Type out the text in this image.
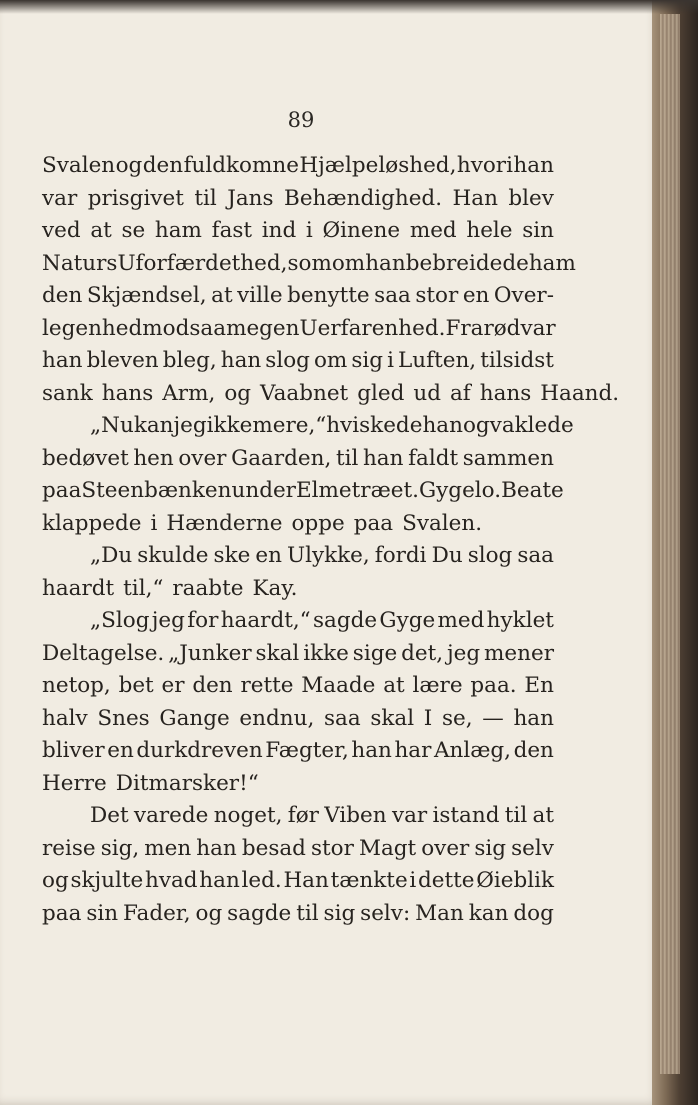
89
Svalen og den fuldkomne Hjælpeløshed, hvori han
var prisgivet til Jans Behændighed. Han blev
ved at se ham fast ind i Øinene med hele sin
Naturs Uforfærdethed, som om han bebreidede ham
den Skjændsel, at ville benytte saa stor en Over-
legenhed mod saa megen Uerfarenhed. Fra rød var
han bleven bleg, han slog om sig i Luften, tilsidst
sank hans Arm, og Vaabnet gled ud af hans Haand.
„Nu kan jeg ikke mere,“ hviskede han og vaklede
bedøvet hen over Gaarden, til han faldt sammen
paa Steenbænken under Elmetræet. Gyge lo. Beate
klappede i Hænderne oppe paa Svalen.
„Du skulde ske en Ulykke, fordi Du slog saa
haardt til,“ raabte Kay.
„Slog jeg for haardt,“ sagde Gyge med hyklet
Deltagelse. „Junker skal ikke sige det, jeg mener
netop, bet er den rette Maade at lære paa. En
halv Snes Gange endnu, saa skal I se, — han
bliver en durkdreven Fægter, han har Anlæg, den
Herre Ditmarsker!“
Det varede noget, før Viben var istand til at
reise sig, men han besad stor Magt over sig selv
og skjulte hvad han led. Han tænkte i dette Øieblik
paa sin Fader, og sagde til sig selv: Man kan dog
